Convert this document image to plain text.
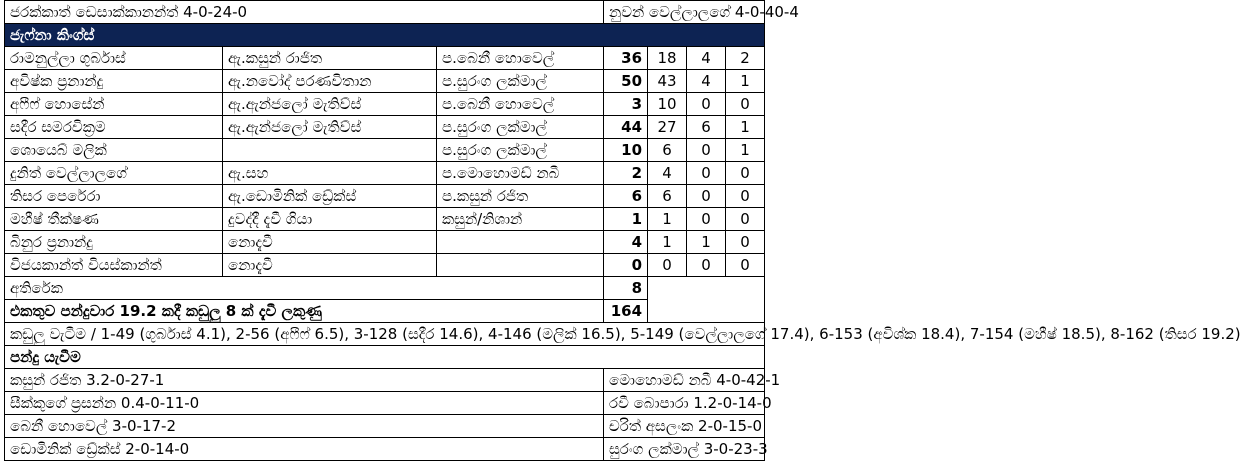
ජරක්කාත් ඩෙසාක්කානන්ත් 4-0-24-0			නුවන් වෙල්ලාලගේ 4-0-40-4			
ජැෆ්නා කිංග්ස්						
රාමනුල්ලා ගුර්බාස්	ඇ.කසුන් රාජිත	ප.බෙනී හොවෙල්	36	18	4	2
අවිෂ්ක ප්‍රනාන්දු	ඇ.නවෝද් පරණවිතාන	ප.සුරංග ලක්මාල්	50	43	4	1
අෆීෆ් හොසේන්	ඇ.ඇන්ජලෝ මැතිව්ස්	ප.බෙනී හොවෙල්	3	10	0	0
සදීර සමරවික්‍රම	ඇ.ඇන්ජලෝ මැතිව්ස්	ප.සුරංග ලක්මාල්	44	27	6	1
ශොයෙබ් මලික්		ප.සුරංග ලක්මාල්	10	6	0	1
දුනිත් වෙල්ලාලගේ	ඇ.සහ	ප.මොහොමඩ් නබී	2	4	0	0
තිසර පෙරේරා	ඇ.ඩොමිනික් ඩ්‍රේක්ස්	ප.කසුන් රජිත	6	6	0	0
මහීෂ් තීක්ෂණ	දුවද්දී දැවී ගියා	කසුන්/නිශාන්	1	1	0	0
බිනුර ප්‍රනාන්දු	නොදැවී		4	1	1	0
විජයකාන්ත් වියස්කාන්ත්	නොදැවී		0	0	0	0
අතිරේක			8			
එකතුව පන්දුවාර 19.2 කදී කඩුලු 8 ක් දැවී ලකුණු			164			
කඩුලු වැටීම / 1-49 (ගුර්බාස් 4.1), 2-56 (අෆීෆ් 6.5), 3-128 (සදීර 14.6), 4-146 (මලික් 16.5), 5-149 (වෙල්ලාලගේ 17.4), 6-153 (අවිශ්ක 18.4), 7-154 (මහීෂ් 18.5), 8-162 (තිසර 19.2)						
පන්දු යැවීම						
කසුන් රජිත 3.2-0-27-1			මොහොමඩ් නබී 4-0-42-1			
සීක්කුගේ ප්‍රසන්න 0.4-0-11-0			රවී බොපාරා 1.2-0-14-0			
බෙනී හොවෙල් 3-0-17-2			චරිත් අසලංක 2-0-15-0			
ඩොමිනික් ඩ්‍රේක්ස් 2-0-14-0			සුරංග ලක්මාල් 3-0-23-3			
